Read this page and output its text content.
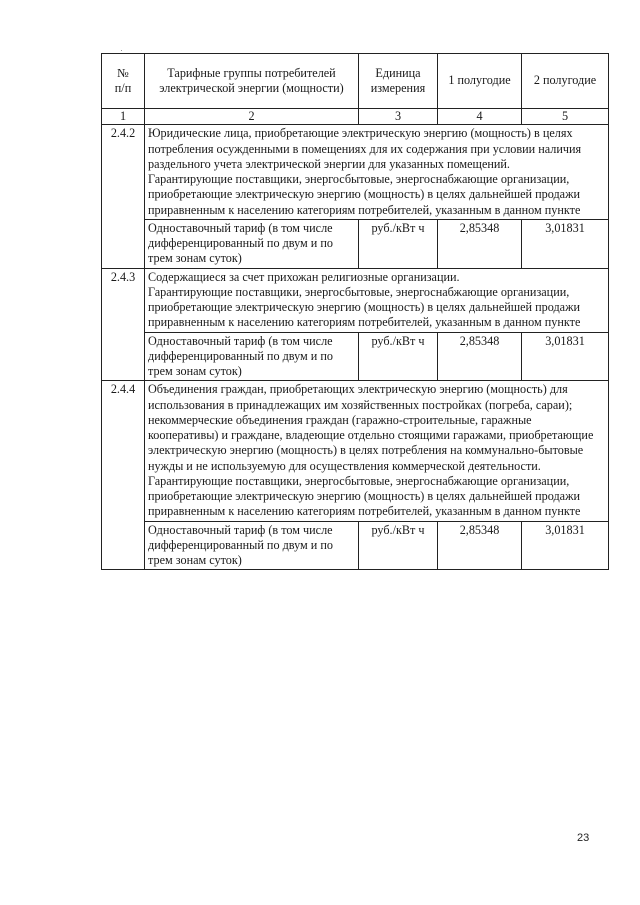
№
п/п	Тарифные группы потребителей электрической энергии (мощности)	Единица измерения	1 полугодие	2 полугодие
1	2	3	4	5
2.4.2	Юридические лица, приобретающие электрическую энергию (мощность) в целях потребления осужденными в помещениях для их содержания при условии наличия раздельного учета электрической энергии для указанных помещений.
Гарантирующие поставщики, энергосбытовые, энергоснабжающие организации, приобретающие электрическую энергию (мощность) в целях дальнейшей продажи приравненным к населению категориям потребителей, указанным в данном пункте			
	Одноставочный тариф (в том числе дифференцированный по двум и по трем зонам суток)	руб./кВт ч	2,85348	3,01831
2.4.3	Содержащиеся за счет прихожан религиозные организации.
Гарантирующие поставщики, энергосбытовые, энергоснабжающие организации, приобретающие электрическую энергию (мощность) в целях дальнейшей продажи приравненным к населению категориям потребителей, указанным в данном пункте			
	Одноставочный тариф (в том числе дифференцированный по двум и по трем зонам суток)	руб./кВт ч	2,85348	3,01831
2.4.4	Объединения граждан, приобретающих электрическую энергию (мощность) для использования в принадлежащих им хозяйственных постройках (погреба, сараи); некоммерческие объединения граждан (гаражно-строительные, гаражные кооперативы) и граждане, владеющие отдельно стоящими гаражами, приобретающие электрическую энергию (мощность) в целях потребления на коммунально-бытовые нужды и не используемую для осуществления коммерческой деятельности.
Гарантирующие поставщики, энергосбытовые, энергоснабжающие организации, приобретающие электрическую энергию (мощность) в целях дальнейшей продажи приравненным к населению категориям потребителей, указанным в данном пункте			
	Одноставочный тариф (в том числе дифференцированный по двум и по трем зонам суток)	руб./кВт ч	2,85348	3,01831
23
